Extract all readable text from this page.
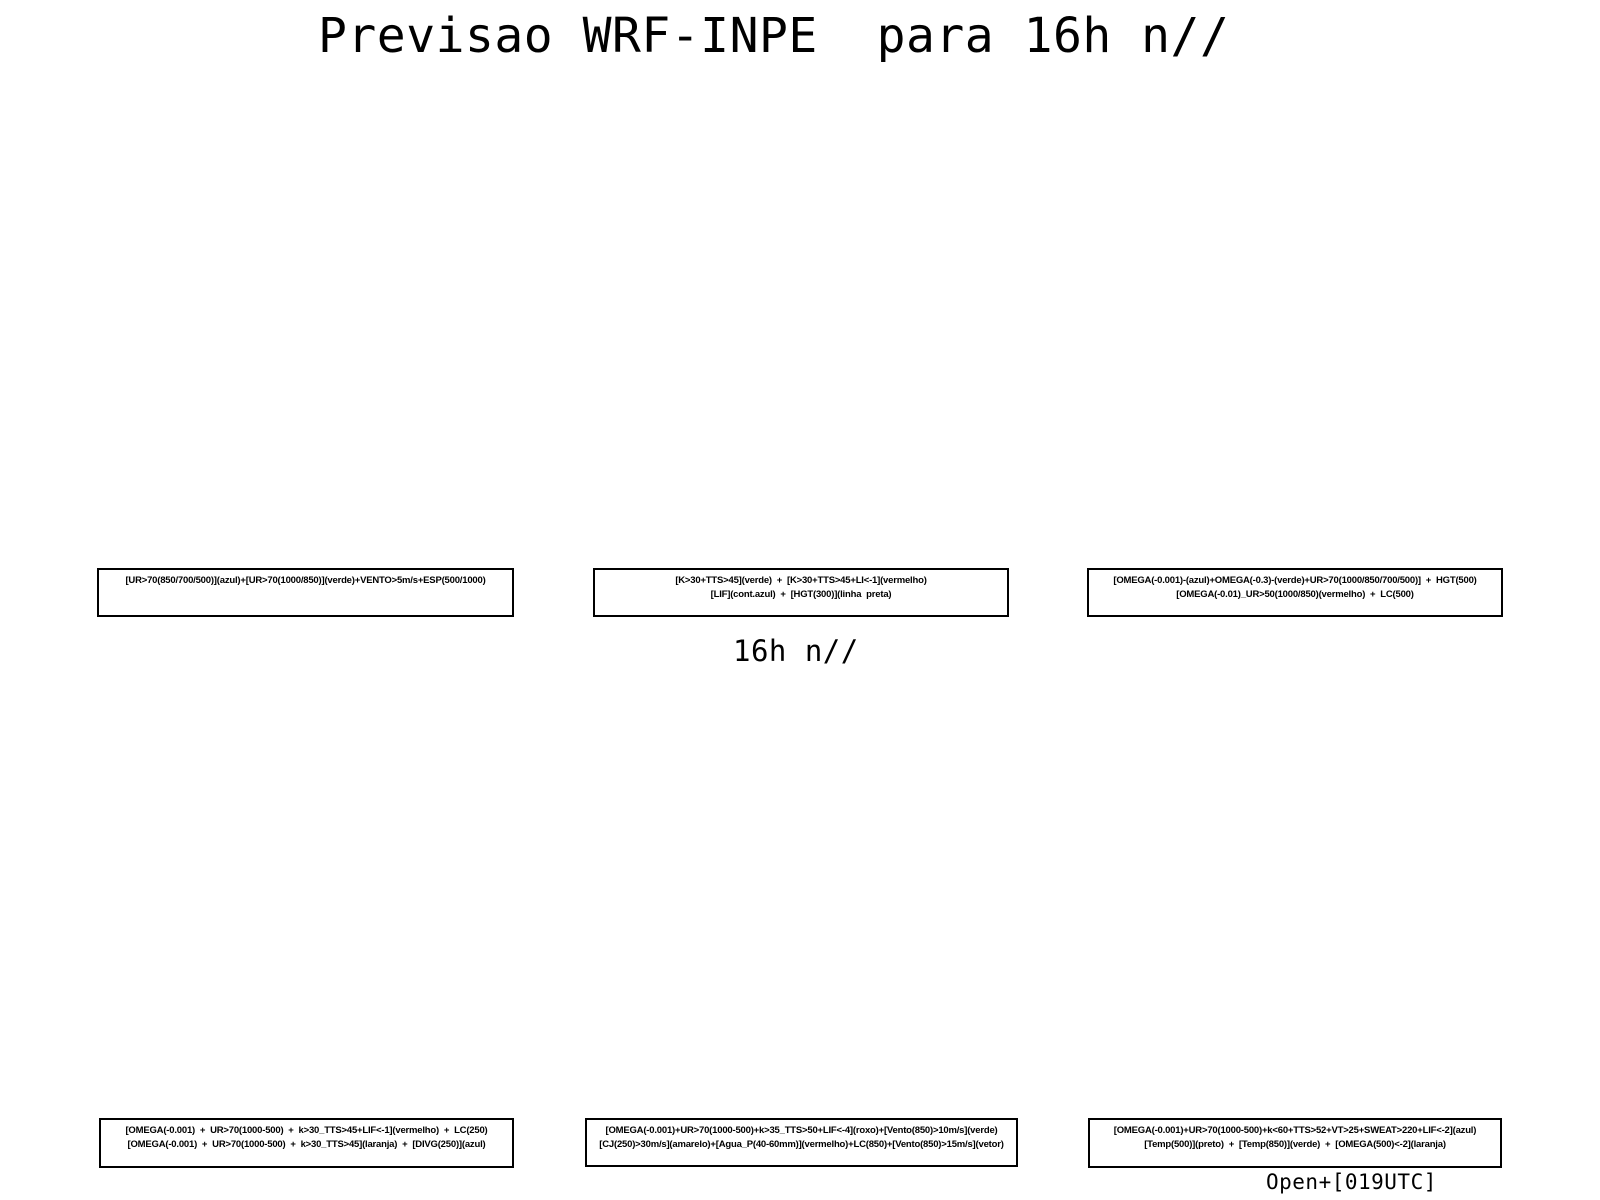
Previsao WRF-INPE  para 16h n//
[UR>70(850/700/500)](azul)+[UR>70(1000/850)](verde)+VENTO>5m/s+ESP(500/1000)	[K>30+TTS>45](verde)  +  [K>30+TTS>45+LI<-1](vermelho)
[LIF](cont.azul)  +  [HGT(300)](linha  preta)
[OMEGA(-0.001)-(azul)+OMEGA(-0.3)-(verde)+UR>70(1000/850/700/500)]  +  HGT(500)
[OMEGA(-0.01)_UR>50(1000/850)(vermelho)  +  LC(500)
16h n//
[OMEGA(-0.001)  +  UR>70(1000-500)  +  k>30_TTS>45+LIF<-1](vermelho)  +  LC(250)
[OMEGA(-0.001)  +  UR>70(1000-500)  +  k>30_TTS>45](laranja)  +  [DIVG(250)](azul)
[OMEGA(-0.001)+UR>70(1000-500)+k>35_TTS>50+LIF<-4](roxo)+[Vento(850)>10m/s](verde)
[CJ(250)>30m/s](amarelo)+[Agua_P(40-60mm)](vermelho)+LC(850)+[Vento(850)>15m/s](vetor)
[OMEGA(-0.001)+UR>70(1000-500)+k<60+TTS>52+VT>25+SWEAT>220+LIF<-2](azul)
[Temp(500)](preto)  +  [Temp(850)](verde)  +  [OMEGA(500)<-2](laranja)
Open+[019UTC]
